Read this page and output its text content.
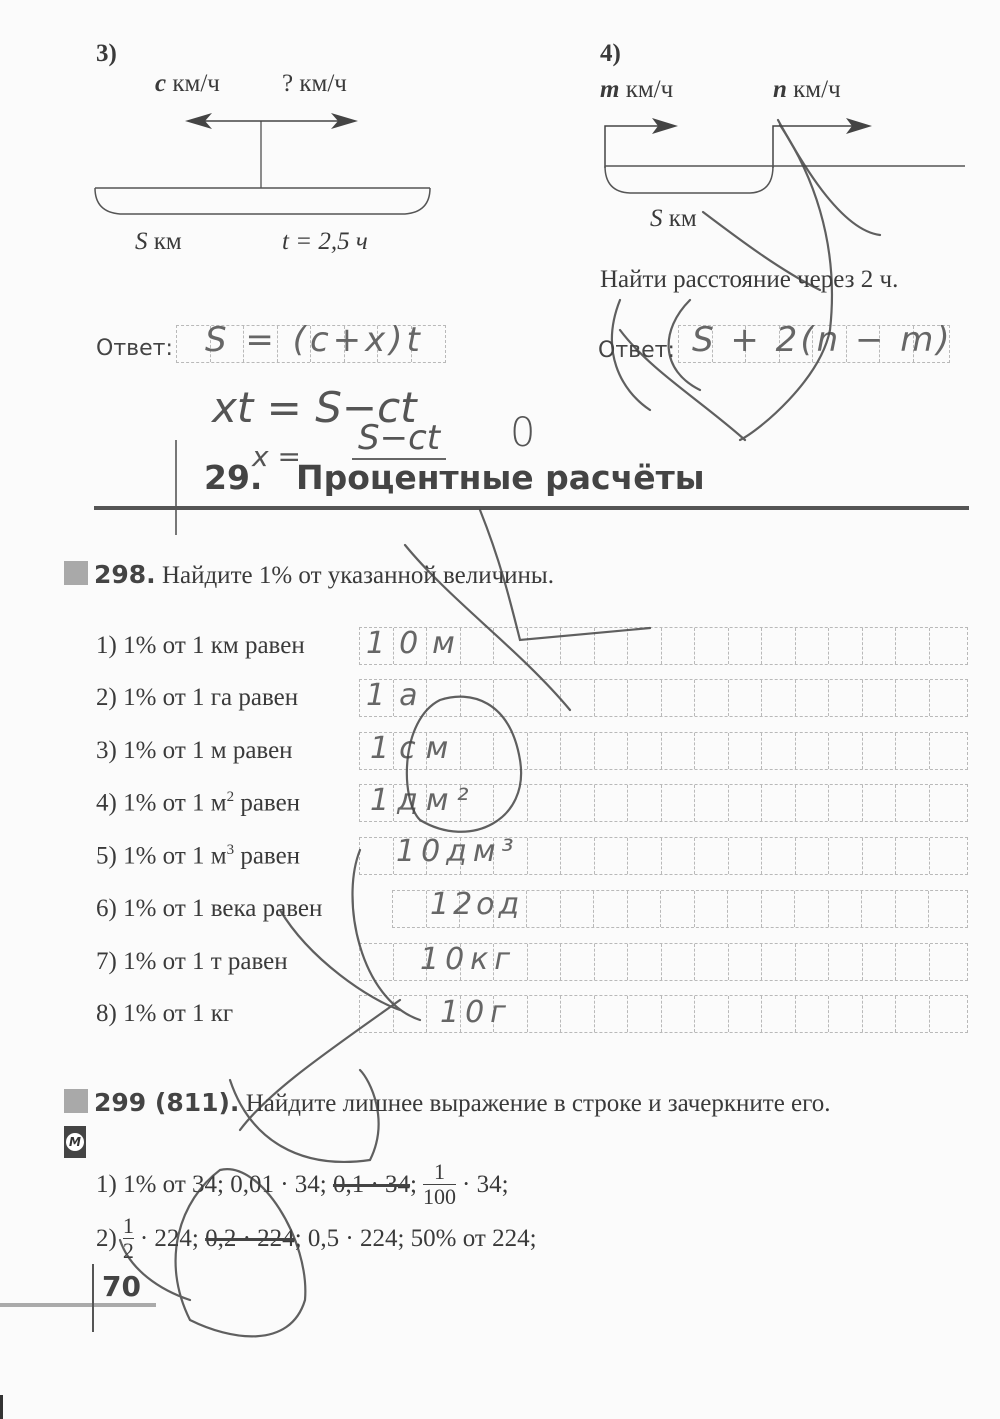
3)
c км/ч ? км/ч
S км	t = 2,5 ч
Ответ: S = (c+x)t
xt = S−ct
x = S−ct 0
4)
m км/ч	n км/ч
S км
Найти расстояние через 2 ч.
Ответ: S + 2(n − m)
29. Процентные расчёты
298. Найдите 1% от указанной величины.
1) 1% от 1 км равен 10м
2) 1% от 1 га равен 1а
3) 1% от 1 м равен	1см
4) 1% от 1 $м^2$ равен 1дм²
5) 1% от 1 $м^3$ равен	10дм³
6) 1% от 1 века равен	12од
7) 1% от 1 т равен	10кг
8) 1% от 1 кг	10г
299 (811). Найдите лишнее выражение в строке и зачеркните его.
M
1) 1% от 34; 0,01 · 34; 0,1 · 34 ; $\frac{1}{100} \cdot 34$;
$2) \frac{1}{2} \cdot 224$; 0,2 · 224 ; 0,5 · 224; 50% от 224;
70
